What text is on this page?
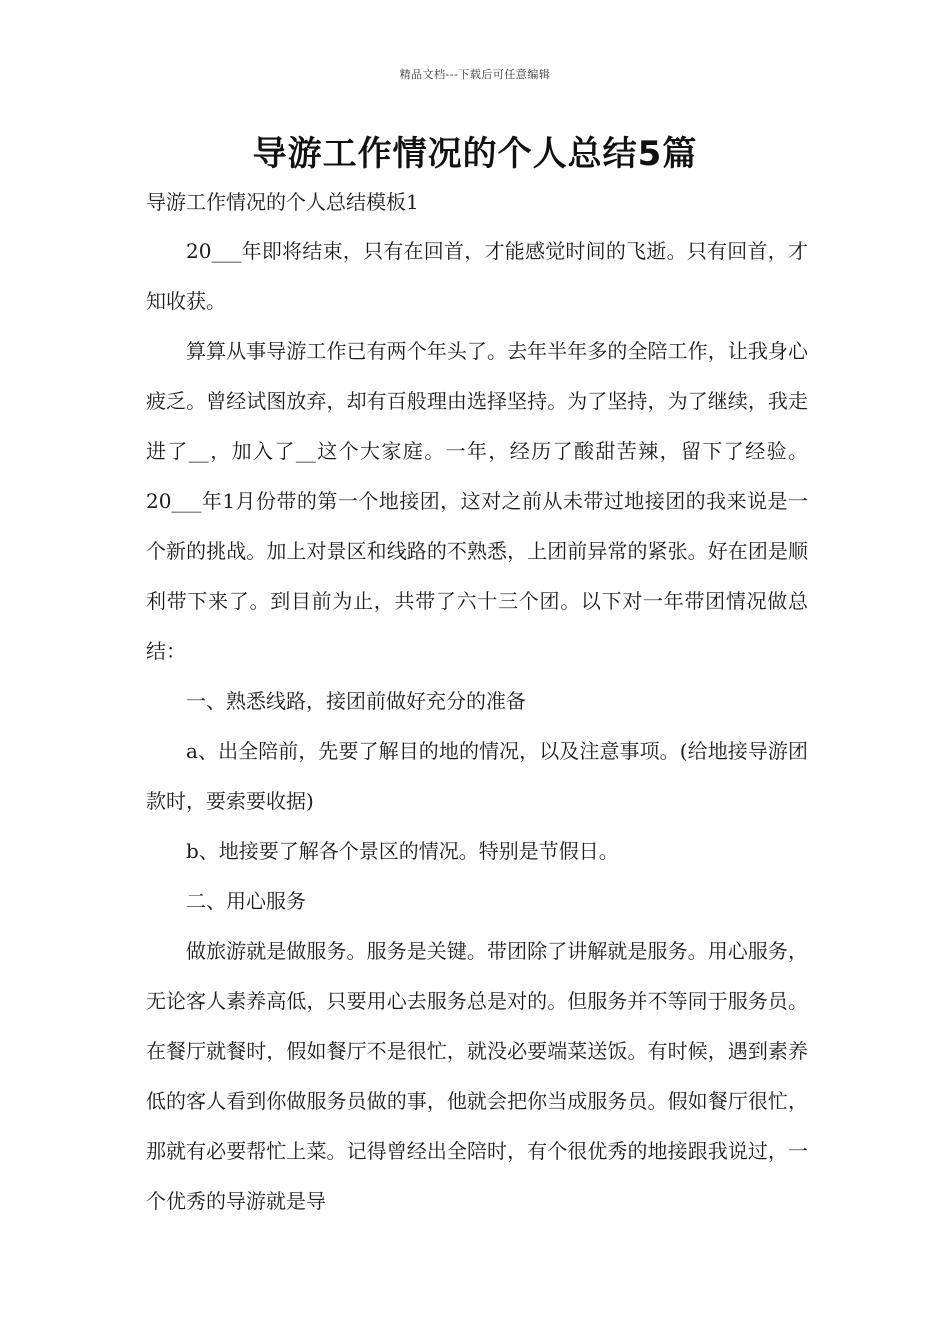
精品文档---下载后可任意编辑
导游工作情况的个人总结5篇
导游工作情况的个人总结模板1

20___年即将结束，只有在回首，才能感觉时间的飞逝。只有回首，才知收获。

算算从事导游工作已有两个年头了。去年半年多的全陪工作，让我身心疲乏。曾经试图放弃，却有百般理由选择坚持。为了坚持，为了继续，我走进了__，加入了__这个大家庭。一年，经历了酸甜苦辣，留下了经验。20___年1月份带的第一个地接团，这对之前从未带过地接团的我来说是一个新的挑战。加上对景区和线路的不熟悉，上团前异常的紧张。好在团是顺利带下来了。到目前为止，共带了六十三个团。以下对一年带团情况做总结：

一、熟悉线路，接团前做好充分的准备

a、出全陪前，先要了解目的地的情况，以及注意事项。(给地接导游团款时，要索要收据)

b、地接要了解各个景区的情况。特别是节假日。

二、用心服务

做旅游就是做服务。服务是关键。带团除了讲解就是服务。用心服务，无论客人素养高低，只要用心去服务总是对的。但服务并不等同于服务员。在餐厅就餐时，假如餐厅不是很忙，就没必要端菜送饭。有时候，遇到素养低的客人看到你做服务员做的事，他就会把你当成服务员。假如餐厅很忙，那就有必要帮忙上菜。记得曾经出全陪时，有个很优秀的地接跟我说过，一个优秀的导游就是导
